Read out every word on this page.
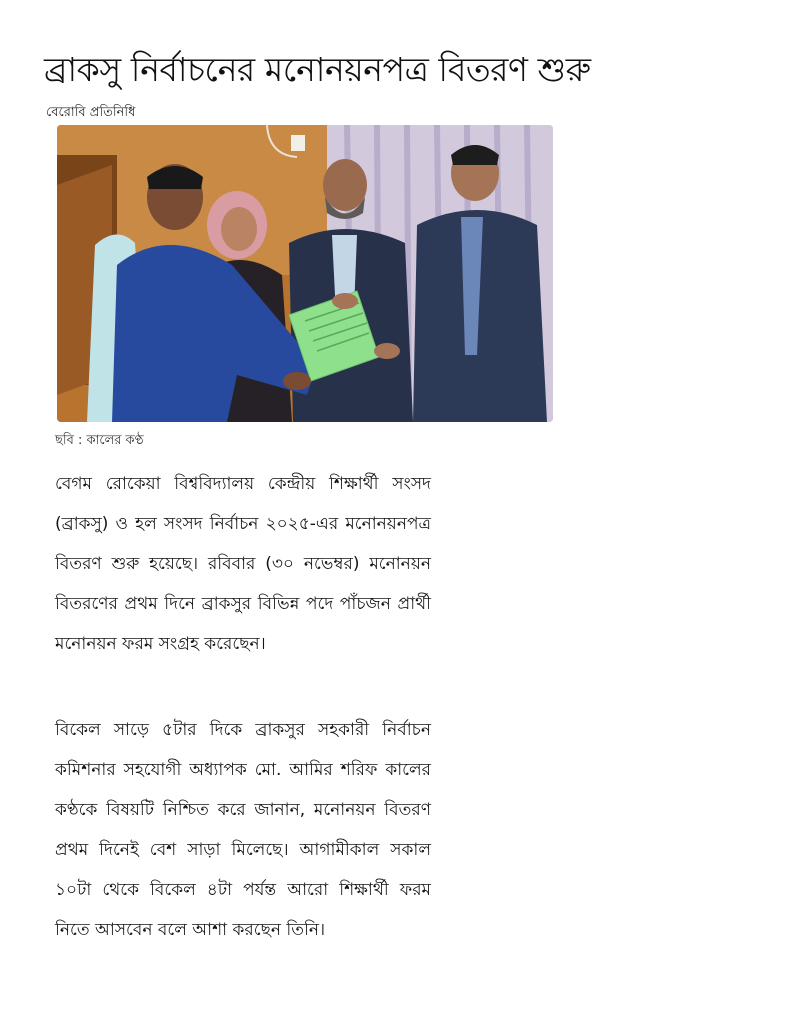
ব্রাকসু নির্বাচনের মনোনয়নপত্র বিতরণ শুরু
বেরোবি প্রতিনিধি
ছবি : কালের কণ্ঠ

বেগম রোকেয়া বিশ্ববিদ্যালয় কেন্দ্রীয় শিক্ষার্থী সংসদ (ব্রাকসু) ও হল সংসদ নির্বাচন ২০২৫-এর মনোনয়নপত্র বিতরণ শুরু হয়েছে। রবিবার (৩০ নভেম্বর) মনোনয়ন বিতরণের প্রথম দিনে ব্রাকসুর বিভিন্ন পদে পাঁচজন প্রার্থী মনোনয়ন ফরম সংগ্রহ করেছেন।

বিকেল সাড়ে ৫টার দিকে ব্রাকসুর সহকারী নির্বাচন কমিশনার সহযোগী অধ্যাপক মো. আমির শরিফ কালের কণ্ঠকে বিষয়টি নিশ্চিত করে জানান, মনোনয়ন বিতরণ প্রথম দিনেই বেশ সাড়া মিলেছে। আগামীকাল সকাল ১০টা থেকে বিকেল ৪টা পর্যন্ত আরো শিক্ষার্থী ফরম নিতে আসবেন বলে আশা করছেন তিনি।
